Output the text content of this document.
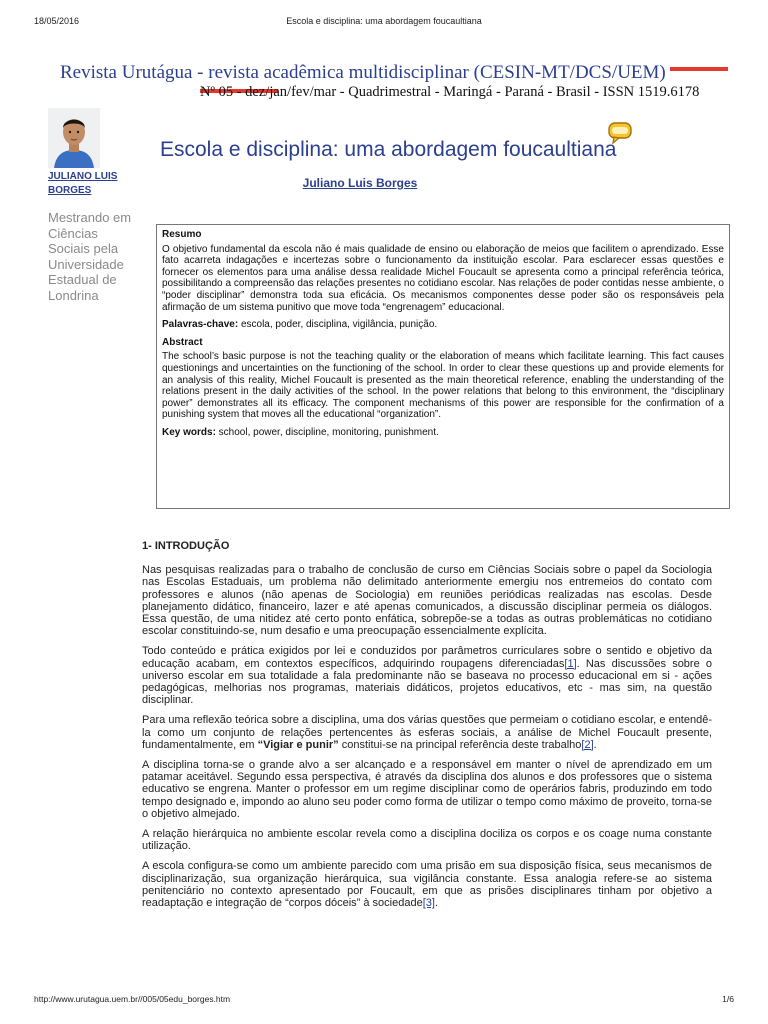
18/05/2016	Escola e disciplina: uma abordagem foucaultiana
Revista Urutágua - revista acadêmica multidisciplinar (CESIN-MT/DCS/UEM)
Nº 05 - dez/jan/fev/mar - Quadrimestral - Maringá - Paraná - Brasil - ISSN 1519.6178
JULIANO LUIS BORGES
Mestrando em Ciências Sociais pela Universidade Estadual de Londrina
Escola e disciplina: uma abordagem foucaultiana
Juliano Luis Borges
Resumo

O objetivo fundamental da escola não é mais qualidade de ensino ou elaboração de meios que facilitem o aprendizado. Esse fato acarreta indagações e incertezas sobre o funcionamento da instituição escolar. Para esclarecer essas questões e fornecer os elementos para uma análise dessa realidade Michel Foucault se apresenta como a principal referência teórica, possibilitando a compreensão das relações presentes no cotidiano escolar. Nas relações de poder contidas nesse ambiente, o “poder disciplinar” demonstra toda sua eficácia. Os mecanismos componentes desse poder são os responsáveis pela afirmação de um sistema punitivo que move toda “engrenagem” educacional.

Palavras-chave: escola, poder, disciplina, vigilância, punição.
Abstract

The school’s basic purpose is not the teaching quality or the elaboration of means which facilitate learning. This fact causes questionings and uncertainties on the functioning of the school. In order to clear these questions up and provide elements for an analysis of this reality, Michel Foucault is presented as the main theoretical reference, enabling the understanding of the relations present in the daily activities of the school. In the power relations that belong to this environment, the “disciplinary power” demonstrates all its efficacy. The component mechanisms of this power are responsible for the confirmation of a punishing system that moves all the educational “organization”.

Key words: school, power, discipline, monitoring, punishment.
1- INTRODUÇÃO

Nas pesquisas realizadas para o trabalho de conclusão de curso em Ciências Sociais sobre o papel da Sociologia nas Escolas Estaduais, um problema não delimitado anteriormente emergiu nos entremeios do contato com professores e alunos (não apenas de Sociologia) em reuniões periódicas realizadas nas escolas. Desde planejamento didático, financeiro, lazer e até apenas comunicados, a discussão disciplinar permeia os diálogos. Essa questão, de uma nitidez até certo ponto enfática, sobrepõe-se a todas as outras problemáticas no cotidiano escolar constituindo-se, num desafio e uma preocupação essencialmente explícita.

Todo conteúdo e prática exigidos por lei e conduzidos por parâmetros curriculares sobre o sentido e objetivo da educação acabam, em contextos específicos, adquirindo roupagens diferenciadas[1]. Nas discussões sobre o universo escolar em sua totalidade a fala predominante não se baseava no processo educacional em si - ações pedagógicas, melhorias nos programas, materiais didáticos, projetos educativos, etc - mas sim, na questão disciplinar.

Para uma reflexão teórica sobre a disciplina, uma dos várias questões que permeiam o cotidiano escolar, e entendê-la como um conjunto de relações pertencentes às esferas sociais, a análise de Michel Foucault presente, fundamentalmente, em “Vigiar e punir” constitui-se na principal referência deste trabalho[2].

A disciplina torna-se o grande alvo a ser alcançado e a responsável em manter o nível de aprendizado em um patamar aceitável. Segundo essa perspectiva, é através da disciplina dos alunos e dos professores que o sistema educativo se engrena. Manter o professor em um regime disciplinar como de operários fabris, produzindo em todo tempo designado e, impondo ao aluno seu poder como forma de utilizar o tempo como máximo de proveito, torna-se o objetivo almejado.

A relação hierárquica no ambiente escolar revela como a disciplina dociliza os corpos e os coage numa constante utilização.

A escola configura-se como um ambiente parecido com uma prisão em sua disposição física, seus mecanismos de disciplinarização, sua organização hierárquica, sua vigilância constante. Essa analogia refere-se ao sistema penitenciário no contexto apresentado por Foucault, em que as prisões disciplinares tinham por objetivo a readaptação e integração de “corpos dóceis” à sociedade[3].

http://www.urutagua.uem.br//005/05edu_borges.htm	1/6
